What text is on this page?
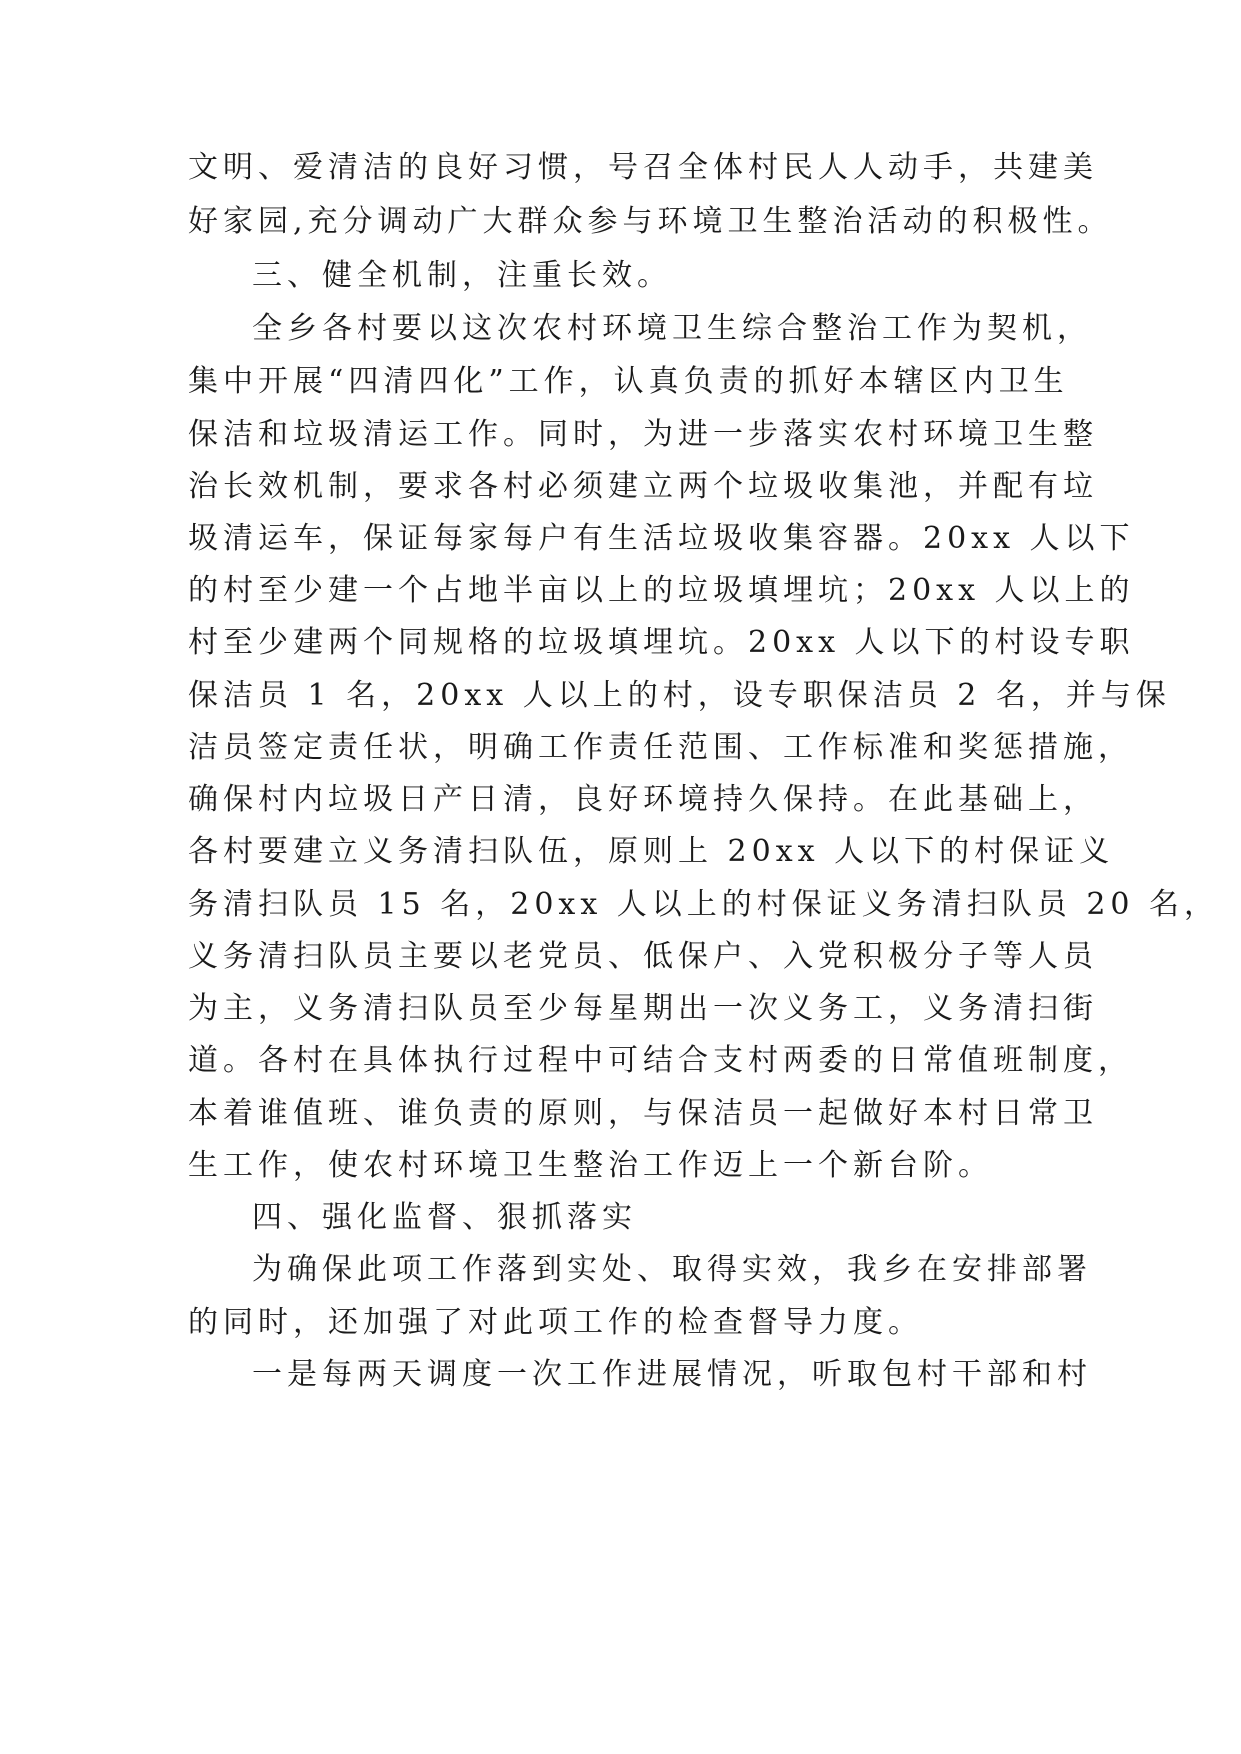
文明、爱清洁的良好习惯，号召全体村民人人动手，共建美
好家园,充分调动广大群众参与环境卫生整治活动的积极性。
三、健全机制，注重长效。
全乡各村要以这次农村环境卫生综合整治工作为契机，
集中开展“四清四化”工作，认真负责的抓好本辖区内卫生
保洁和垃圾清运工作。同时，为进一步落实农村环境卫生整
治长效机制，要求各村必须建立两个垃圾收集池，并配有垃
圾清运车，保证每家每户有生活垃圾收集容器。20xx 人以下
的村至少建一个占地半亩以上的垃圾填埋坑；20xx 人以上的
村至少建两个同规格的垃圾填埋坑。20xx 人以下的村设专职
保洁员 1 名，20xx 人以上的村，设专职保洁员 2 名，并与保
洁员签定责任状，明确工作责任范围、工作标准和奖惩措施，
确保村内垃圾日产日清，良好环境持久保持。在此基础上，
各村要建立义务清扫队伍，原则上 20xx 人以下的村保证义
务清扫队员 15 名，20xx 人以上的村保证义务清扫队员 20 名，
义务清扫队员主要以老党员、低保户、入党积极分子等人员
为主，义务清扫队员至少每星期出一次义务工，义务清扫街
道。各村在具体执行过程中可结合支村两委的日常值班制度，
本着谁值班、谁负责的原则，与保洁员一起做好本村日常卫
生工作，使农村环境卫生整治工作迈上一个新台阶。
四、强化监督、狠抓落实
为确保此项工作落到实处、取得实效，我乡在安排部署
的同时，还加强了对此项工作的检查督导力度。
一是每两天调度一次工作进展情况，听取包村干部和村
